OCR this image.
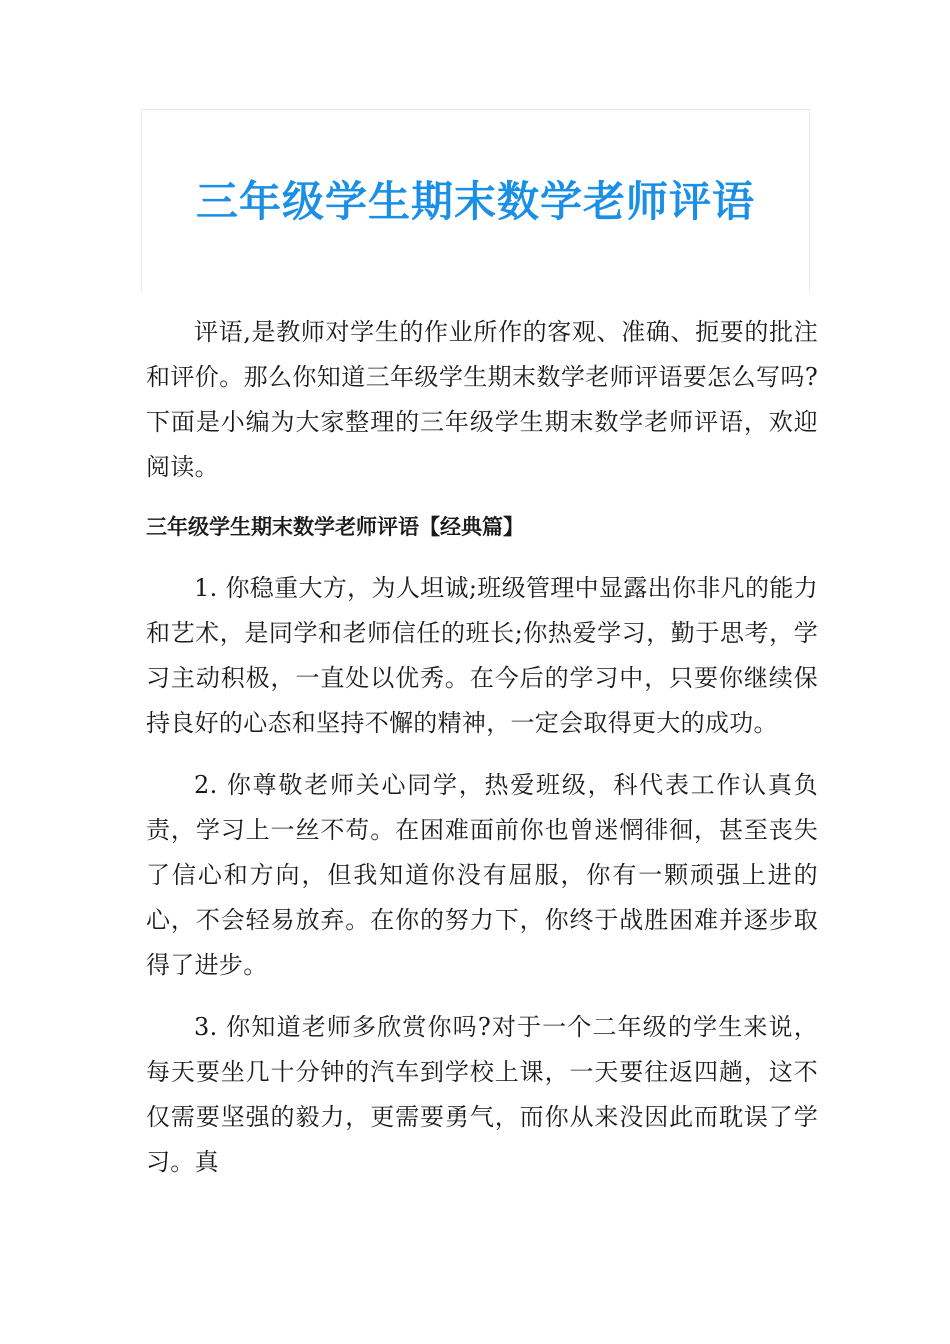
三年级学生期末数学老师评语

评语,是教师对学生的作业所作的客观、准确、扼要的批注和评价。那么你知道三年级学生期末数学老师评语要怎么写吗?下面是小编为大家整理的三年级学生期末数学老师评语，欢迎阅读。

三年级学生期末数学老师评语【经典篇】

1. 你稳重大方，为人坦诚;班级管理中显露出你非凡的能力和艺术，是同学和老师信任的班长;你热爱学习，勤于思考，学习主动积极，一直处以优秀。在今后的学习中，只要你继续保持良好的心态和坚持不懈的精神，一定会取得更大的成功。

2. 你尊敬老师关心同学，热爱班级，科代表工作认真负责，学习上一丝不苟。在困难面前你也曾迷惘徘徊，甚至丧失了信心和方向，但我知道你没有屈服，你有一颗顽强上进的心，不会轻易放弃。在你的努力下，你终于战胜困难并逐步取得了进步。

3. 你知道老师多欣赏你吗?对于一个二年级的学生来说，每天要坐几十分钟的汽车到学校上课，一天要往返四趟，这不仅需要坚强的毅力，更需要勇气，而你从来没因此而耽误了学习。真
